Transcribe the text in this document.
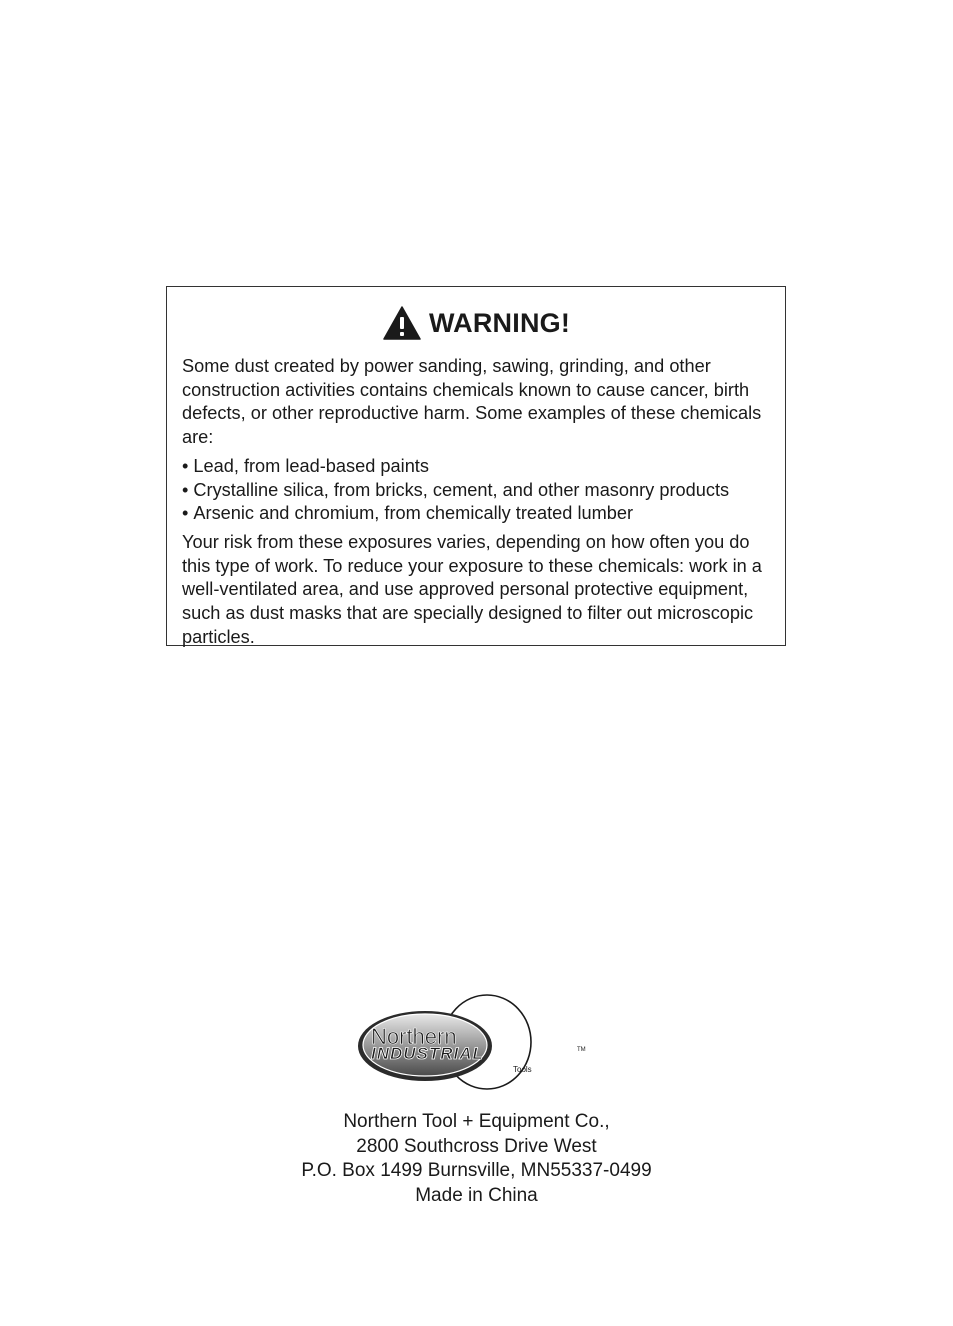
WARNING!

Some dust created by power sanding, sawing, grinding, and other construction activities contains chemicals known to cause cancer, birth defects, or other reproductive harm. Some examples of these chemicals are:

• Lead, from lead-based paints
• Crystalline silica, from bricks, cement, and other masonry products
• Arsenic and chromium, from chemically treated lumber

Your risk from these exposures varies, depending on how often you do this type of work. To reduce your exposure to these chemicals: work in a well-ventilated area, and use approved personal protective equipment, such as dust masks that are specially designed to filter out microscopic particles.

Northern
INDUSTRIAL	TM
Tools
Northern Tool + Equipment Co.,
2800 Southcross Drive West
P.O. Box 1499 Burnsville, MN55337-0499
Made in China
